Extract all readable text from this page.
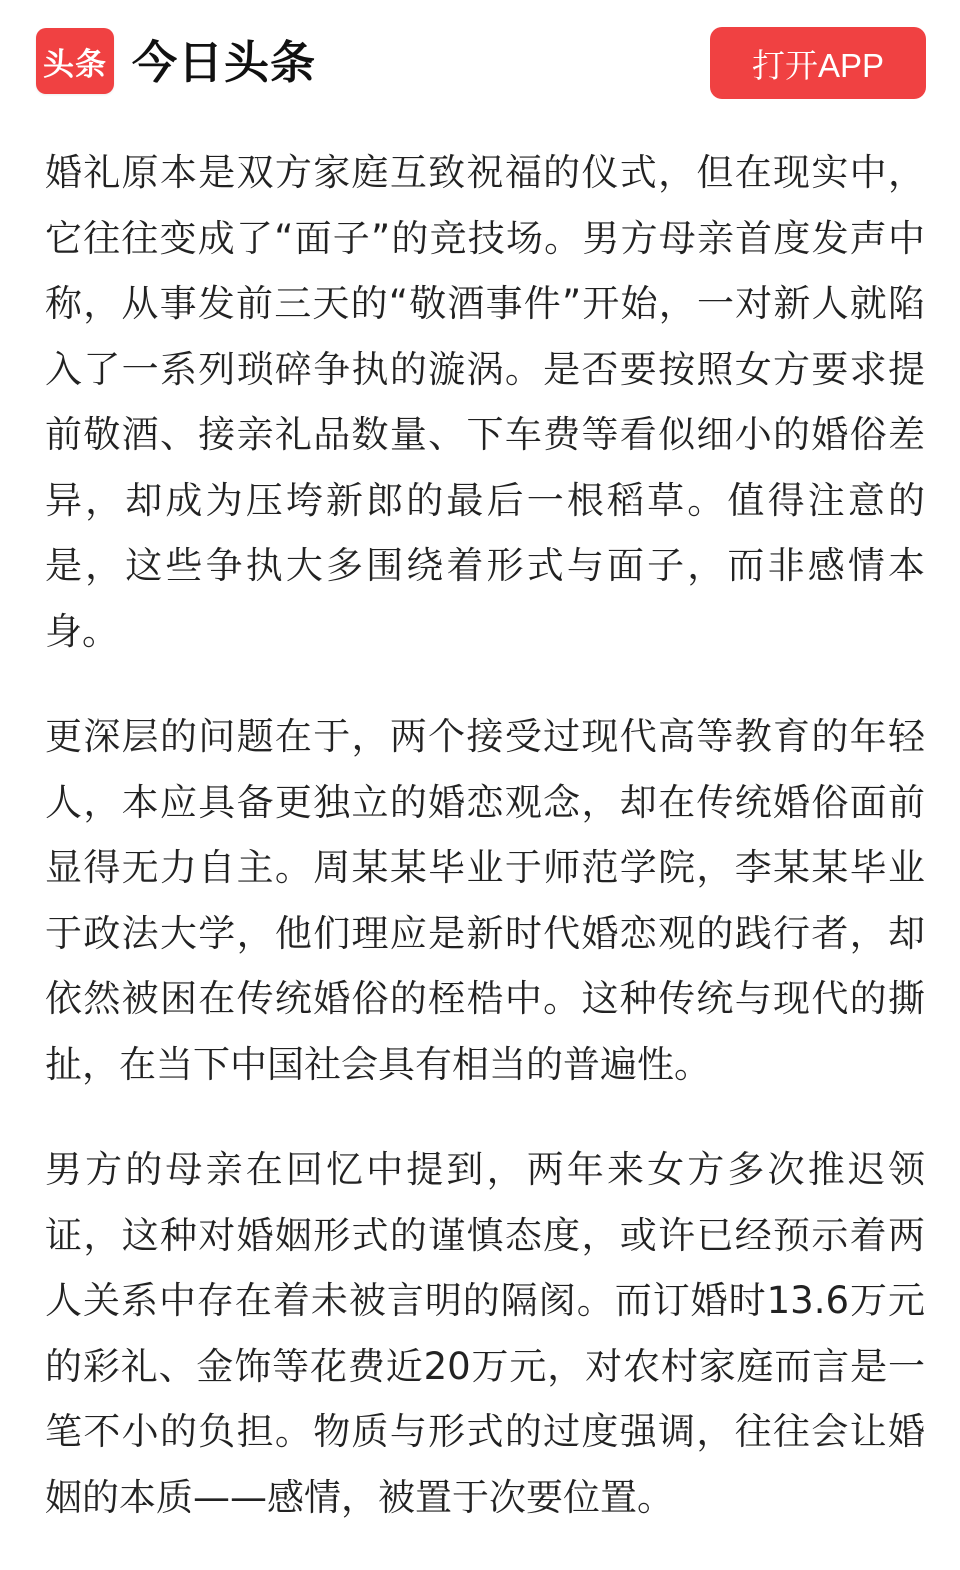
头条 今日头条	打开APP

婚礼原本是双方家庭互致祝福的仪式，但在现实中，它往往变成了“面子”的竞技场。男方母亲首度发声中称，从事发前三天的“敬酒事件”开始，一对新人就陷入了一系列琐碎争执的漩涡。是否要按照女方要求提前敬酒、接亲礼品数量、下车费等看似细小的婚俗差异，却成为压垮新郎的最后一根稻草。值得注意的是，这些争执大多围绕着形式与面子，而非感情本身。

更深层的问题在于，两个接受过现代高等教育的年轻人，本应具备更独立的婚恋观念，却在传统婚俗面前显得无力自主。周某某毕业于师范学院，李某某毕业于政法大学，他们理应是新时代婚恋观的践行者，却依然被困在传统婚俗的桎梏中。这种传统与现代的撕扯，在当下中国社会具有相当的普遍性。

男方的母亲在回忆中提到，两年来女方多次推迟领证，这种对婚姻形式的谨慎态度，或许已经预示着两人关系中存在着未被言明的隔阂。而订婚时13.6万元的彩礼、金饰等花费近20万元，对农村家庭而言是一笔不小的负担。物质与形式的过度强调，往往会让婚姻的本质——感情，被置于次要位置。
